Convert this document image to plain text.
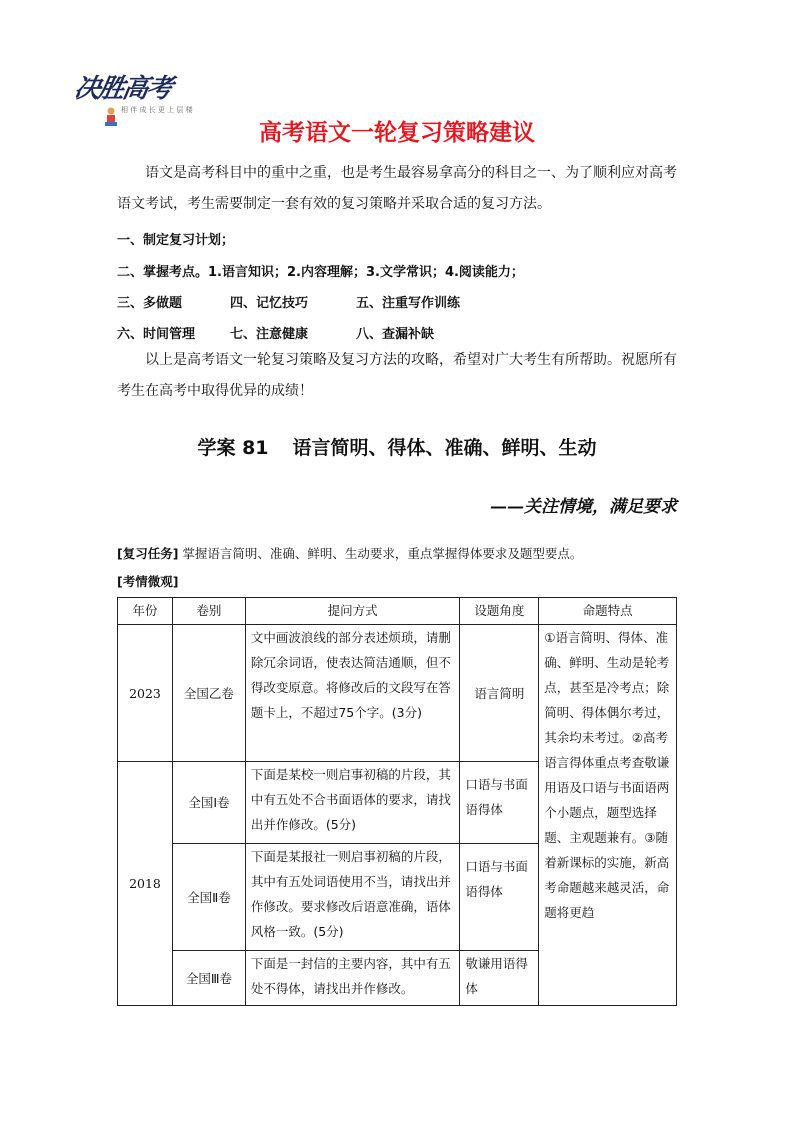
决胜高考
相 伴 成 长 更 上 层 楼
高考语文一轮复习策略建议

语文是高考科目中的重中之重，也是考生最容易拿高分的科目之一、为了顺利应对高考语文考试，考生需要制定一套有效的复习策略并采取合适的复习方法。

一、制定复习计划；
二、掌握考点。1.语言知识；2.内容理解；3.文学常识；4.阅读能力；
三、多做题	四、记忆技巧	五、注重写作训练
六、时间管理	七、注意健康	八、查漏补缺

以上是高考语文一轮复习策略及复习方法的攻略，希望对广大考生有所帮助。祝愿所有考生在高考中取得优异的成绩！

学案 81 语言简明、得体、准确、鲜明、生动
——关注情境，满足要求
[复习任务] 掌握语言简明、准确、鲜明、生动要求，重点掌握得体要求及题型要点。
[考情微观]
年份	卷别	提问方式	设题角度	命题特点
2023	全国乙卷	文中画波浪线的部分表述烦琐，请删除冗余词语，使表达简洁通顺，但不得改变原意。将修改后的文段写在答题卡上，不超过75个字。(3分)	语言简明	①语言简明、得体、准确、鲜明、生动是轮考点，甚至是冷考点；除简明、得体偶尔考过，其余均未考过。②高考语言得体重点考查敬谦用语及口语与书面语两个小题点，题型选择题、主观题兼有。③随着新课标的实施，新高考命题越来越灵活，命题将更趋
2018	全国Ⅰ卷	下面是某校一则启事初稿的片段，其中有五处不合书面语体的要求，请找出并作修改。(5分)	口语与书面语得体	
	全国Ⅱ卷	下面是某报社一则启事初稿的片段，其中有五处词语使用不当，请找出并作修改。要求修改后语意准确，语体风格一致。(5分)	口语与书面语得体	
	全国Ⅲ卷	下面是一封信的主要内容，其中有五处不得体，请找出并作修改。	敬谦用语得体	
